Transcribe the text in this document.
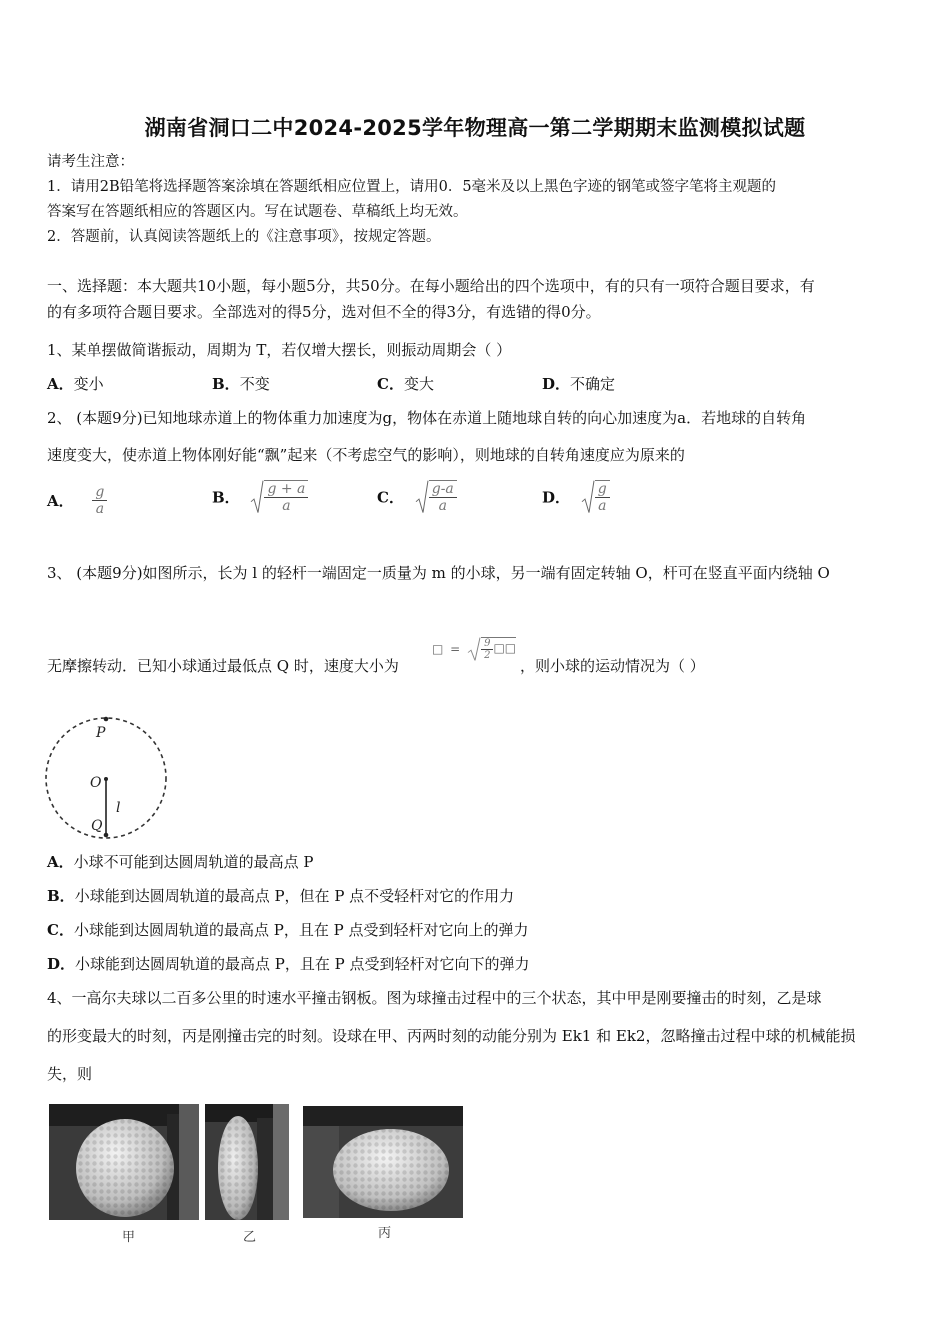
湖南省洞口二中2024-2025学年物理高一第二学期期末监测模拟试题
请考生注意：
1．请用2B铅笔将选择题答案涂填在答题纸相应位置上，请用0．5毫米及以上黑色字迹的钢笔或签字笔将主观题的
答案写在答题纸相应的答题区内。写在试题卷、草稿纸上均无效。
2．答题前，认真阅读答题纸上的《注意事项》，按规定答题。
一、选择题：本大题共10小题，每小题5分，共50分。在每小题给出的四个选项中，有的只有一项符合题目要求，有
的有多项符合题目要求。全部选对的得5分，选对但不全的得3分，有选错的得0分。
1、某单摆做简谐振动，周期为 T，若仅增大摆长，则振动周期会（ ）
A．变小	B．不变	C．变大	D．不确定
2、 (本题9分)已知地球赤道上的物体重力加速度为g，物体在赤道上随地球自转的向心加速度为a．若地球的自转角
速度变大，使赤道上物体刚好能“飘”起来（不考虑空气的影响），则地球的自转角速度应为原来的
A． $\frac{g}{a}$	B． $\frac{g + a}{a}$	C． $\frac{g-a}{a}$	D． $\frac{g}{a}$
3、 (本题9分)如图所示，长为 l 的轻杆一端固定一质量为 m 的小球，另一端有固定转轴 O，杆可在竖直平面内绕轴 O
无摩擦转动．已知小球通过最低点 Q 时，速度大小为
□ = $\frac{9}{2}$ □□
，则小球的运动情况为（ ）
P
O
l
Q
A．小球不可能到达圆周轨道的最高点 P
B．小球能到达圆周轨道的最高点 P，但在 P 点不受轻杆对它的作用力
C．小球能到达圆周轨道的最高点 P，且在 P 点受到轻杆对它向上的弹力
D．小球能到达圆周轨道的最高点 P，且在 P 点受到轻杆对它向下的弹力
4、一高尔夫球以二百多公里的时速水平撞击钢板。图为球撞击过程中的三个状态，其中甲是刚要撞击的时刻，乙是球
的形变最大的时刻，丙是刚撞击完的时刻。设球在甲、丙两时刻的动能分别为 Ek1 和 Ek2，忽略撞击过程中球的机械能损
失，则
甲	乙	丙
